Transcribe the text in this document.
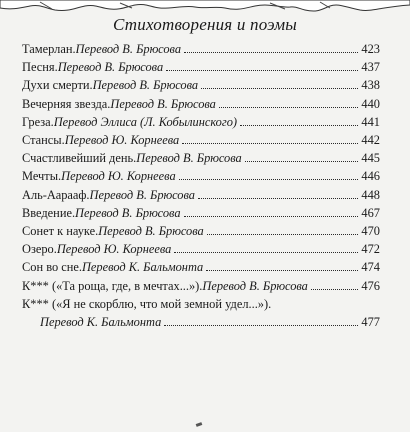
Стихотворения и поэмы
Тамерлан. Перевод В. Брюсова	423
Песня. Перевод В. Брюсова	437
Духи смерти. Перевод В. Брюсова	438
Вечерняя звезда. Перевод В. Брюсова	440
Греза. Перевод Эллиса (Л. Кобылинского)	441
Стансы. Перевод Ю. Корнеева	442
Счастливейший день. Перевод В. Брюсова	445
Мечты. Перевод Ю. Корнеева	446
Аль-Аарааф. Перевод В. Брюсова	448
Введение. Перевод В. Брюсова	467
Сонет к науке. Перевод В. Брюсова	470
Озеро. Перевод Ю. Корнеева	472
Сон во сне. Перевод К. Бальмонта	474
К*** («Та роща, где, в мечтах...»). Перевод В. Брюсова	476
К*** («Я не скорблю, что мой земной удел...»).
Перевод К. Бальмонта	477
